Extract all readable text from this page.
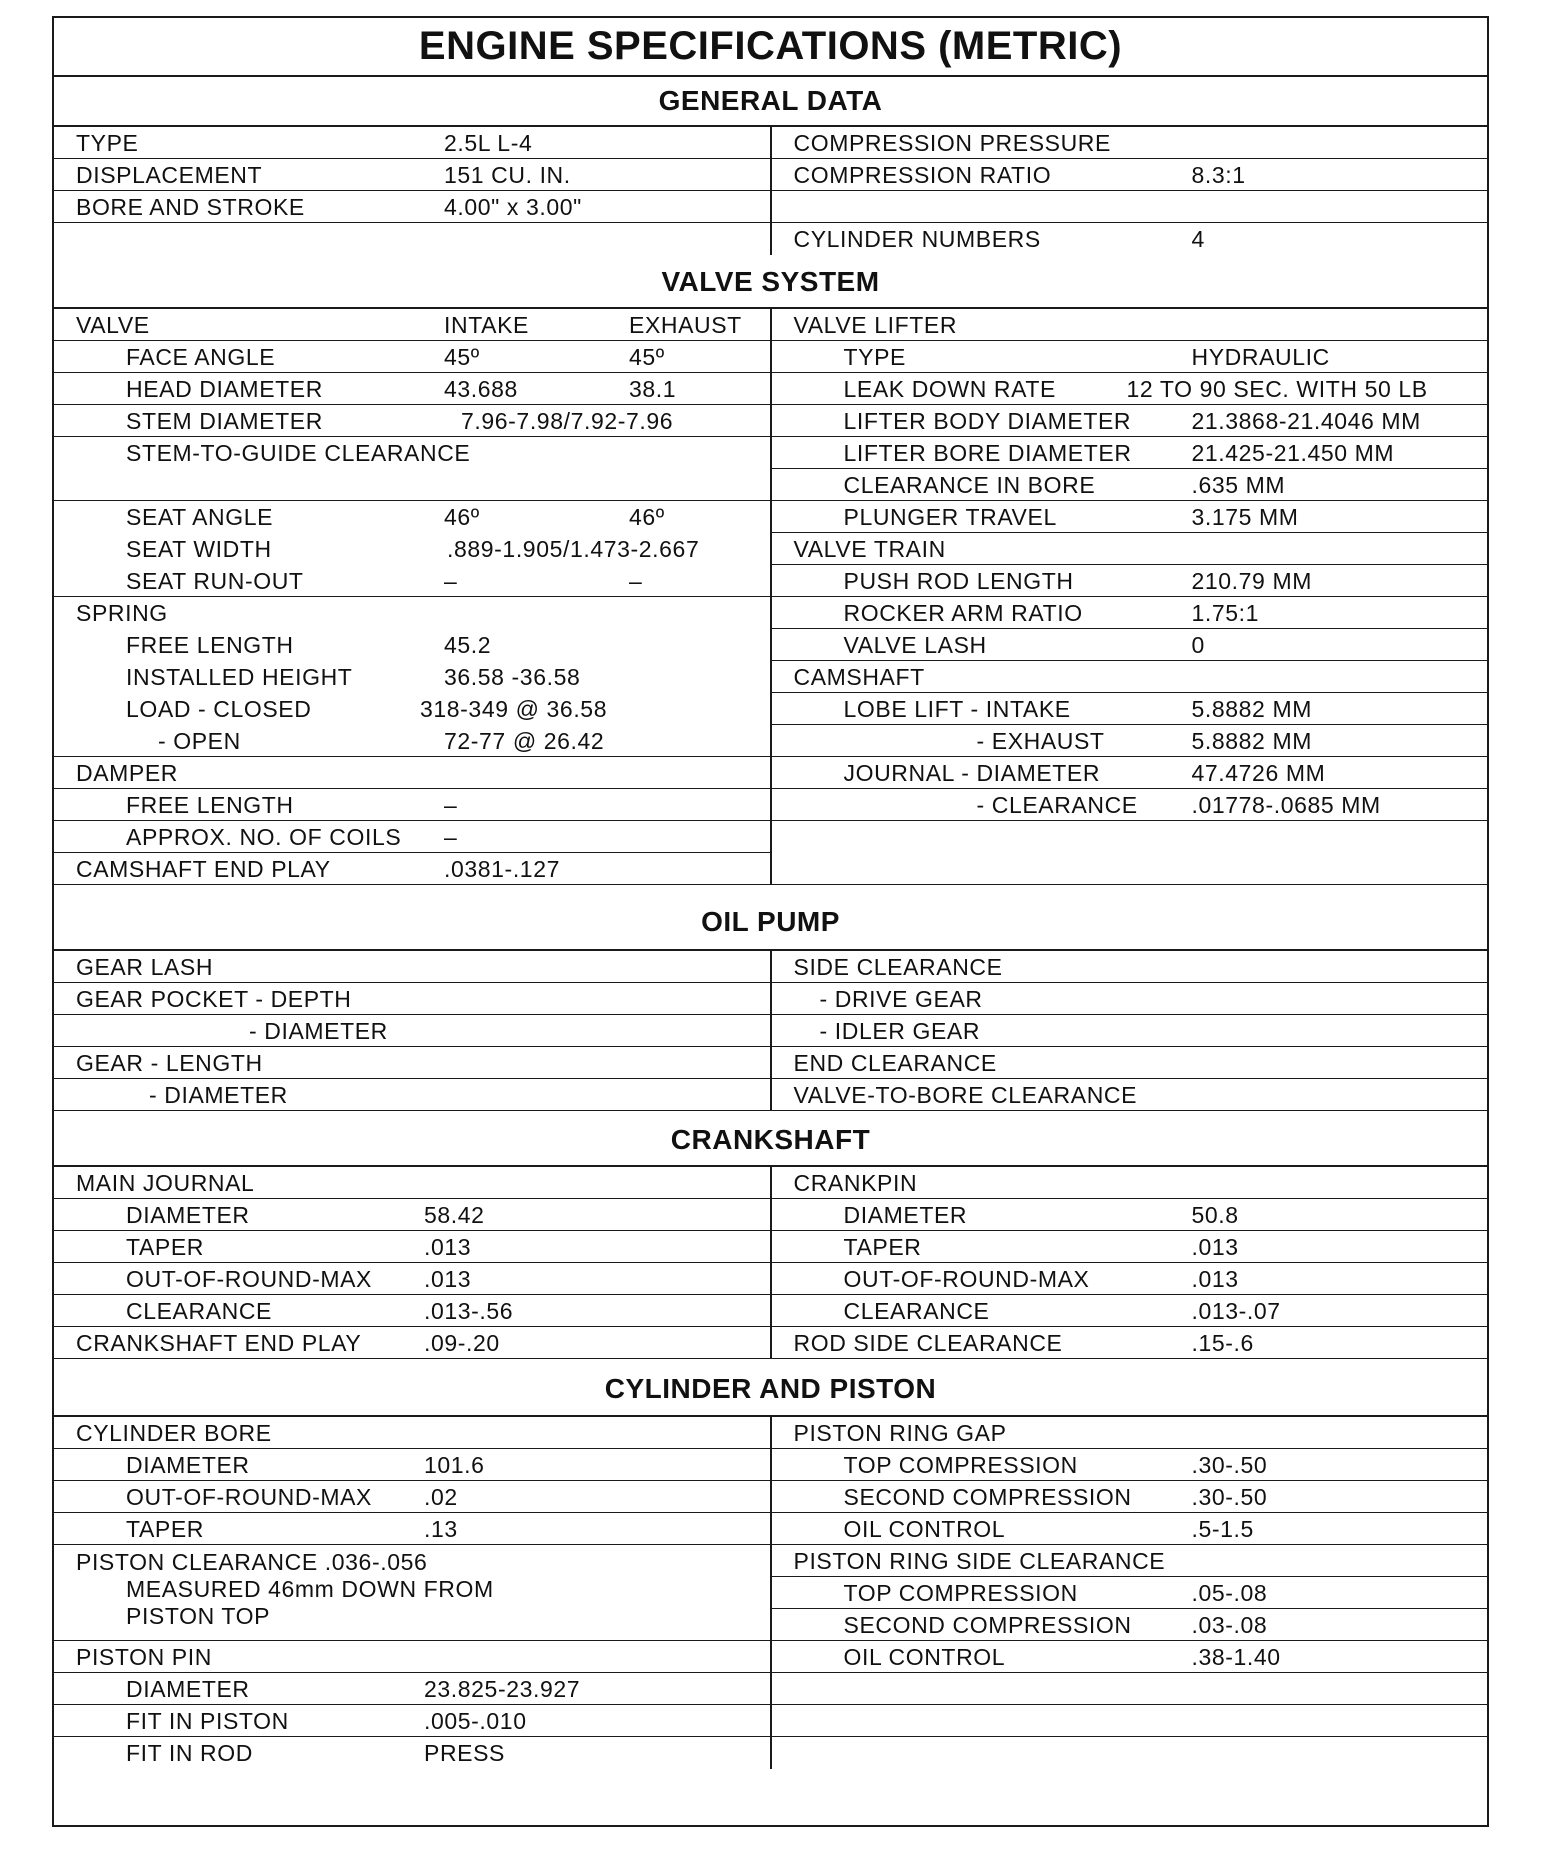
ENGINE SPECIFICATIONS (METRIC)
GENERAL DATA
TYPE	2.5L L-4
DISPLACEMENT	151 CU. IN.
BORE AND STROKE	4.00" x 3.00"
COMPRESSION PRESSURE
COMPRESSION RATIO	8.3:1
CYLINDER NUMBERS	4
VALVE SYSTEM
VALVE	INTAKE	EXHAUST
FACE ANGLE	45º	45º
HEAD DIAMETER	43.688	38.1
STEM DIAMETER	7.96-7.98/7.92-7.96
STEM-TO-GUIDE CLEARANCE
SEAT ANGLE	46º	46º
SEAT WIDTH	.889-1.905/1.473-2.667
SEAT RUN-OUT	–	–
SPRING
FREE LENGTH	45.2
INSTALLED HEIGHT	36.58 -36.58
LOAD - CLOSED	318-349 @ 36.58
- OPEN	72-77 @ 26.42
DAMPER
FREE LENGTH	–
APPROX. NO. OF COILS –
CAMSHAFT END PLAY	.0381-.127
VALVE LIFTER
TYPE	HYDRAULIC
LEAK DOWN RATE	12 TO 90 SEC. WITH 50 LB
LIFTER BODY DIAMETER	21.3868-21.4046 MM
LIFTER BORE DIAMETER	21.425-21.450 MM
CLEARANCE IN BORE	.635 MM
PLUNGER TRAVEL	3.175 MM
VALVE TRAIN
PUSH ROD LENGTH	210.79 MM
ROCKER ARM RATIO	1.75:1
VALVE LASH	0
CAMSHAFT
LOBE LIFT - INTAKE	5.8882 MM
- EXHAUST	5.8882 MM
JOURNAL - DIAMETER	47.4726 MM
- CLEARANCE .01778-.0685 MM
OIL PUMP
GEAR LASH
GEAR POCKET - DEPTH
- DIAMETER
GEAR - LENGTH
- DIAMETER
SIDE CLEARANCE
- DRIVE GEAR
- IDLER GEAR
END CLEARANCE
VALVE-TO-BORE CLEARANCE
CRANKSHAFT
MAIN JOURNAL
DIAMETER	58.42
TAPER	.013
OUT-OF-ROUND-MAX .013
CLEARANCE	.013-.56
CRANKSHAFT END PLAY	.09-.20
CRANKPIN
DIAMETER	50.8
TAPER	.013
OUT-OF-ROUND-MAX	.013
CLEARANCE	.013-.07
ROD SIDE CLEARANCE	.15-.6
CYLINDER AND PISTON
CYLINDER BORE
DIAMETER	101.6
OUT-OF-ROUND-MAX .02
TAPER	.13
PISTON CLEARANCE .036-.056
MEASURED 46mm DOWN FROM
PISTON TOP
PISTON PIN
DIAMETER	23.825-23.927
FIT IN PISTON	.005-.010
FIT IN ROD	PRESS
PISTON RING GAP
TOP COMPRESSION	.30-.50
SECOND COMPRESSION	.30-.50
OIL CONTROL	.5-1.5
PISTON RING SIDE CLEARANCE
TOP COMPRESSION	.05-.08
SECOND COMPRESSION	.03-.08
OIL CONTROL	.38-1.40
